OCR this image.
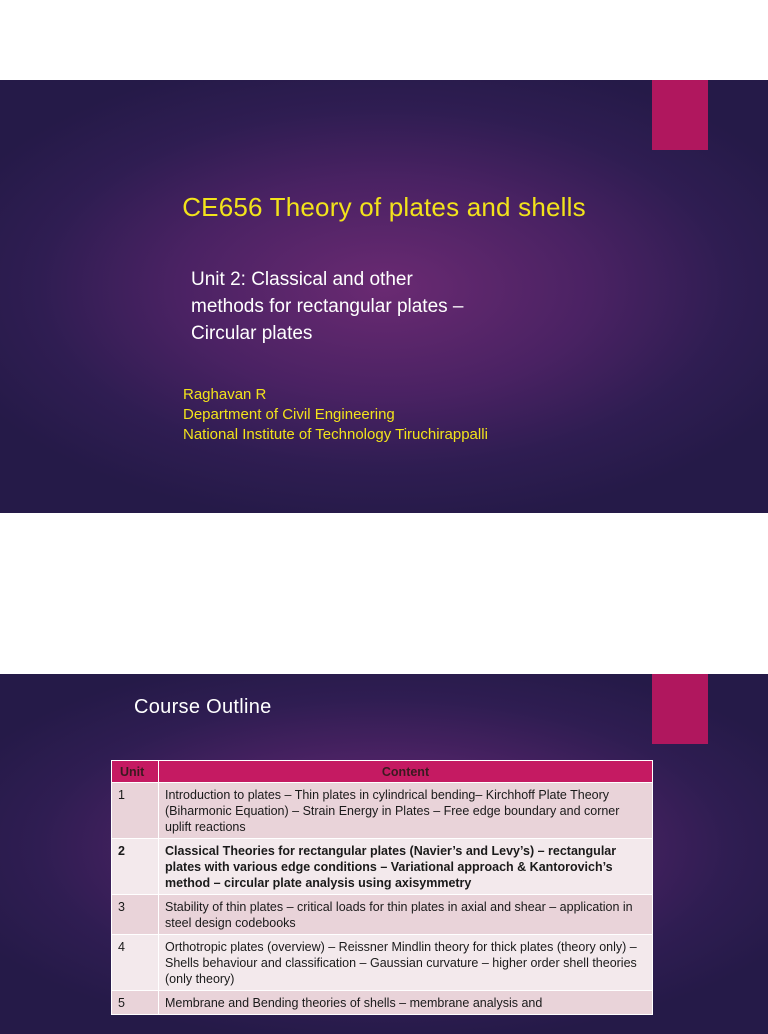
CE656 Theory of plates and shells
Unit 2: Classical and other
methods for rectangular plates –
Circular plates
Raghavan R
Department of Civil Engineering
National Institute of Technology Tiruchirappalli
Course Outline
Unit	Content
1	Introduction to plates – Thin plates in cylindrical bending– Kirchhoff Plate Theory (Biharmonic Equation) – Strain Energy in Plates – Free edge boundary and corner uplift reactions
2	Classical Theories for rectangular plates (Navier’s and Levy’s) – rectangular plates with various edge conditions – Variational approach & Kantorovich’s method – circular plate analysis using axisymmetry
3	Stability of thin plates – critical loads for thin plates in axial and shear – application in steel design codebooks
4	Orthotropic plates (overview) – Reissner Mindlin theory for thick plates (theory only) – Shells behaviour and classification – Gaussian curvature – higher order shell theories (only theory)
5	Membrane and Bending theories of shells – membrane analysis and
